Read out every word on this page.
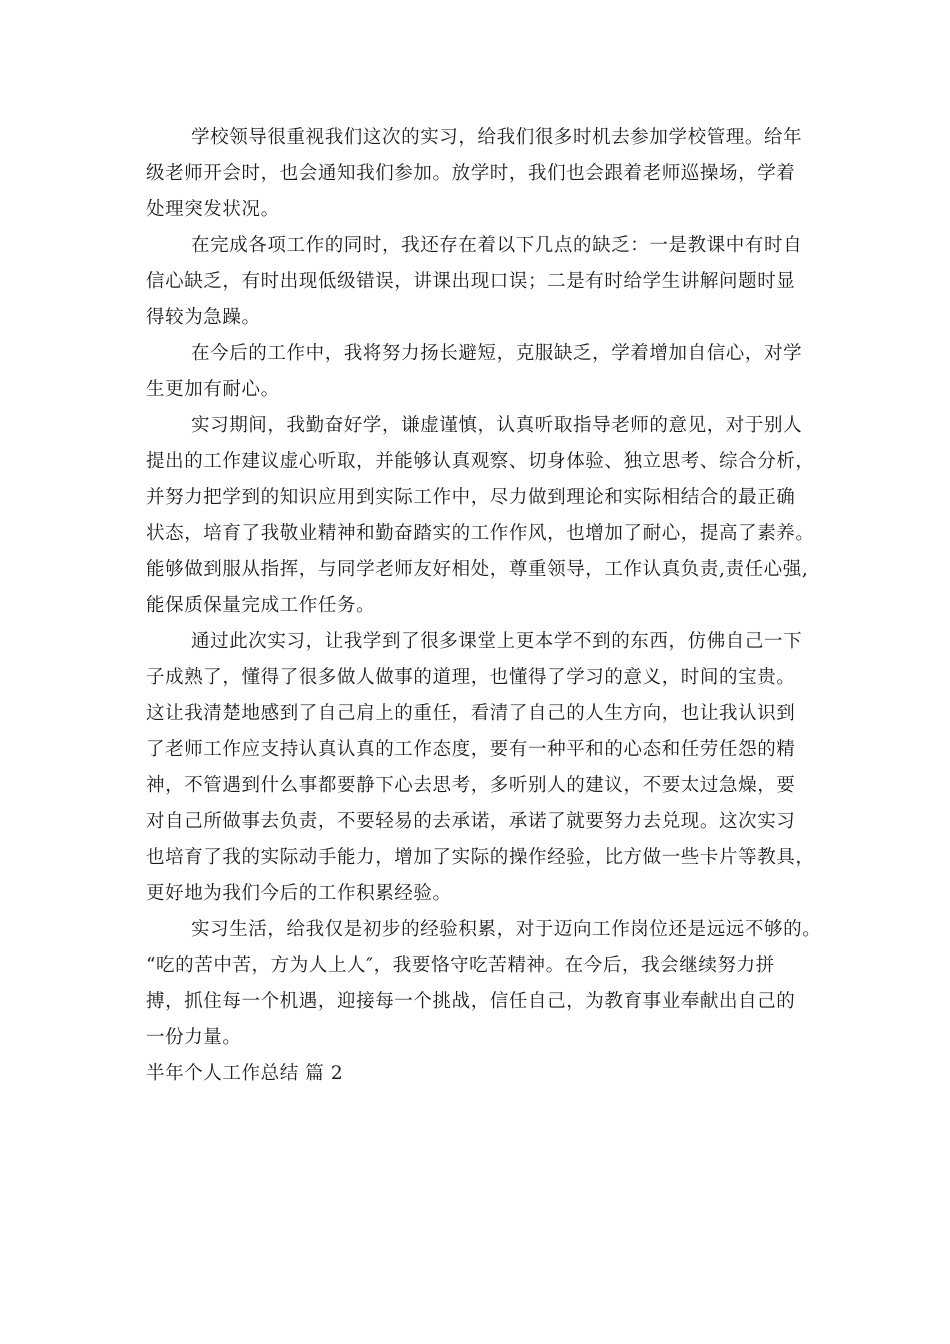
学校领导很重视我们这次的实习，给我们很多时机去参加学校管理。给年
级老师开会时，也会通知我们参加。放学时，我们也会跟着老师巡操场，学着
处理突发状况。
在完成各项工作的同时，我还存在着以下几点的缺乏：一是教课中有时自
信心缺乏，有时出现低级错误，讲课出现口误；二是有时给学生讲解问题时显
得较为急躁。
在今后的工作中，我将努力扬长避短，克服缺乏，学着增加自信心，对学
生更加有耐心。
实习期间，我勤奋好学，谦虚谨慎，认真听取指导老师的意见，对于别人
提出的工作建议虚心听取，并能够认真观察、切身体验、独立思考、综合分析，
并努力把学到的知识应用到实际工作中，尽力做到理论和实际相结合的最正确
状态，培育了我敬业精神和勤奋踏实的工作作风，也增加了耐心，提高了素养。
能够做到服从指挥，与同学老师友好相处，尊重领导，工作认真负责,责任心强,
能保质保量完成工作任务。
通过此次实习，让我学到了很多课堂上更本学不到的东西，仿佛自己一下
子成熟了，懂得了很多做人做事的道理，也懂得了学习的意义，时间的宝贵。
这让我清楚地感到了自己肩上的重任，看清了自己的人生方向，也让我认识到
了老师工作应支持认真认真的工作态度，要有一种平和的心态和任劳任怨的精
神，不管遇到什么事都要静下心去思考，多听别人的建议，不要太过急燥，要
对自己所做事去负责，不要轻易的去承诺，承诺了就要努力去兑现。这次实习
也培育了我的实际动手能力，增加了实际的操作经验，比方做一些卡片等教具，
更好地为我们今后的工作积累经验。
实习生活，给我仅是初步的经验积累，对于迈向工作岗位还是远远不够的。
“吃的苦中苦，方为人上人″，我要恪守吃苦精神。在今后，我会继续努力拼
搏，抓住每一个机遇，迎接每一个挑战，信任自己，为教育事业奉献出自己的
一份力量。
半年个人工作总结 篇 2
